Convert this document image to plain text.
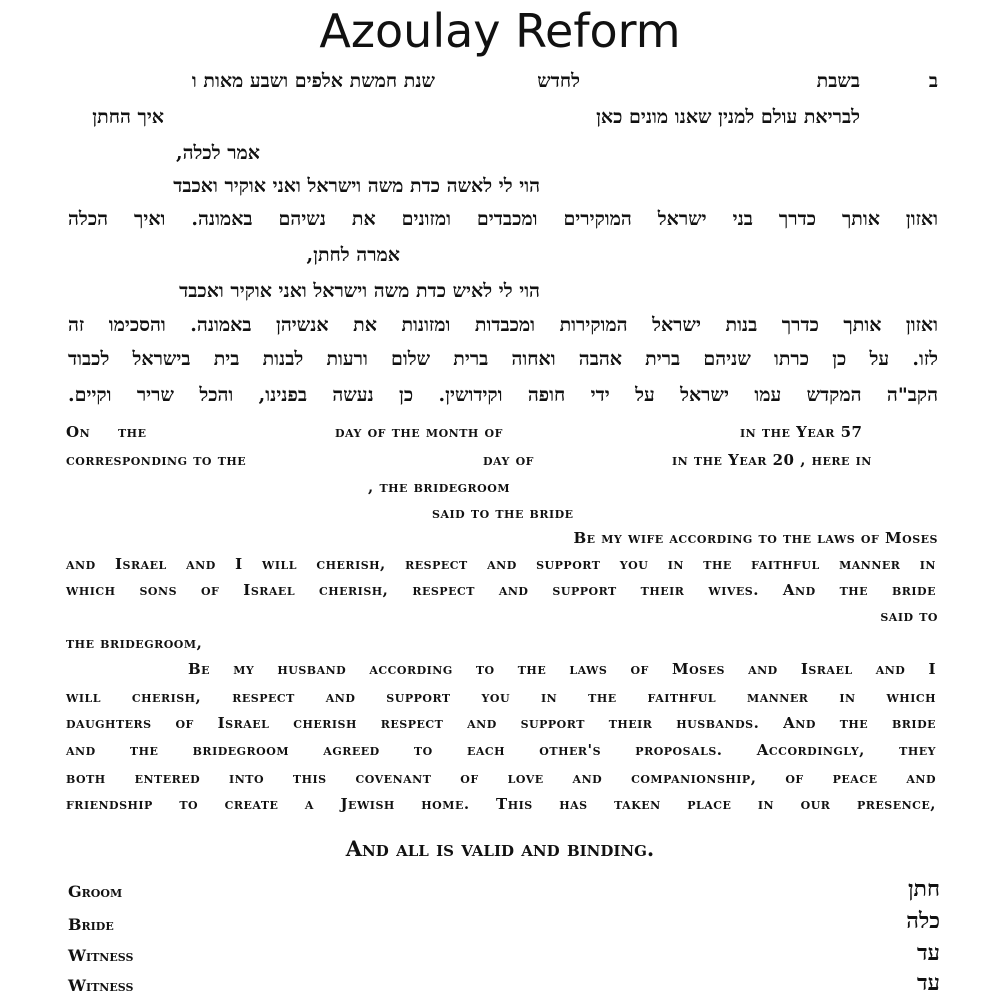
Azoulay Reform
ב
בשבת
לחדש
שנת חמשת אלפים ושבע מאות ו
לבריאת עולם למנין שאנו מונים כאן
איך החתן
אמר לכלה,
הוי לי לאשה כדת משה וישראל ואני אוקיר ואכבד
ואזון אותך כדרך בני ישראל המוקירים ומכבדים ומזונים את נשיהם באמונה. ואיך הכלה
אמרה לחתן,
הוי לי לאיש כדת משה וישראל ואני אוקיר ואכבד
ואזון אותך כדרך בנות ישראל המוקירות ומכבדות ומזונות את אנשיהן באמונה. והסכימו זה
לזו. על כן כרתו שניהם ברית אהבה ואחוה ברית שלום ורעות לבנות בית בישראל לכבוד
הקב"ה המקדש עמו ישראל על ידי חופה וקידושין. כן נעשה בפנינו, והכל שריר וקיים.
On the	day of the month of	in the Year 57
corresponding to the	day of	in the Year 20 , here in
, the bridegroom
said to the bride
Be my wife according to the laws of Moses
and Israel and I will cherish, respect and support you in the faithful manner in
which sons of Israel cherish, respect and support their wives. And the bride
said to
the bridegroom,
Be my husband according to the laws of Moses and Israel and I
will cherish, respect and support you in the faithful manner in which
daughters of Israel cherish respect and support their husbands. And the bride
and the bridegroom agreed to each other's proposals. Accordingly, they
both entered into this covenant of love and companionship, of peace and
friendship to create a Jewish home. This has taken place in our presence,
And all is valid and binding.
Groom	חתן
Bride	כלה
Witness	עד
Witness	עד
